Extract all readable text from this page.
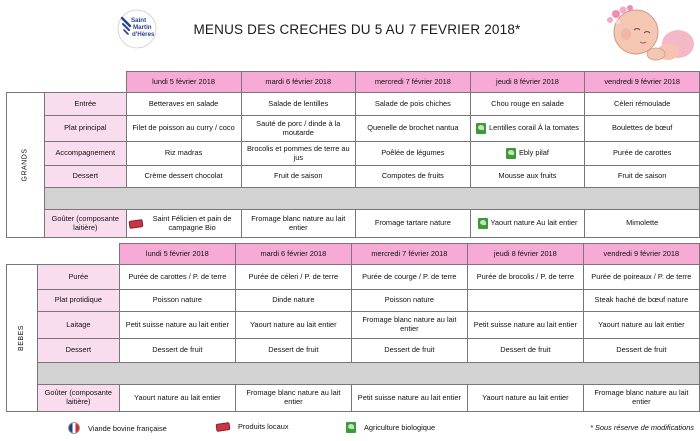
Saint
Martin
d'Hères	MENUS DES CRECHES DU 5 AU 7 FEVRIER 2018*
		lundi 5 février 2018	mardi 6 février 2018	mercredi 7 février 2018	jeudi 8 février 2018	vendredi 9 février 2018
GRANDS	Entrée	Betteraves en salade	Salade de lentilles	Salade de pois chiches	Chou rouge en salade	Céleri rémoulade
	Plat principal	Filet de poisson au curry / coco	Sauté de porc / dinde à la moutarde	Quenelle de brochet nantua	Lentilles corail À la tomates	Boulettes de bœuf
	Accompagnement	Riz madras	Brocolis et pommes de terre au jus	Poêlée de légumes	Ebly pilaf	Purée de carottes
	Dessert	Crème dessert chocolat	Fruit de saison	Compotes de fruits	Mousse aux fruits	Fruit de saison

	Goûter (composante laitière)	Saint Félicien et pain de campagne Bio	Fromage blanc nature au lait entier	Fromage tartare nature	Yaourt nature Au lait entier	Mimolette
		lundi 5 février 2018	mardi 6 février 2018	mercredi 7 février 2018	jeudi 8 février 2018	vendredi 9 février 2018
BEBES	Purée	Purée de carottes / P. de terre	Purée de céleri / P. de terre	Purée de courge / P. de terre	Purée de brocolis / P. de terre	Purée de poireaux / P. de terre
	Plat protidique	Poisson nature	Dinde nature	Poisson nature		Steak haché de bœuf nature
	Laitage	Petit suisse nature au lait entier	Yaourt nature au lait entier	Fromage blanc nature au lait entier	Petit suisse nature au lait entier	Yaourt nature au lait entier
	Dessert	Dessert de fruit	Dessert de fruit	Dessert de fruit	Dessert de fruit	Dessert de fruit

	Goûter (composante laitière)	Yaourt nature au lait entier	Fromage blanc nature au lait entier	Petit suisse nature au lait entier	Yaourt nature au lait entier	Fromage blanc nature au lait entier
Viande bovine française	Produits locaux	Agriculture biologique	* Sous réserve de modifications
